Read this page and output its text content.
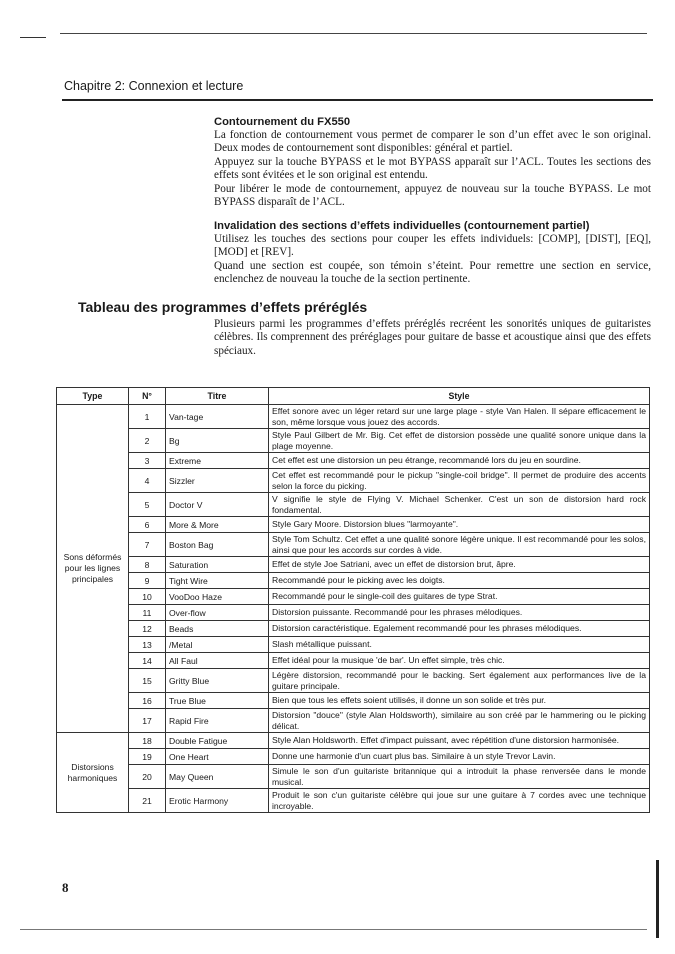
Chapitre 2: Connexion et lecture
Contournement du FX550

La fonction de contournement vous permet de comparer le son d’un effet avec le son original. Deux modes de contournement sont disponibles: général et partiel.

Appuyez sur la touche BYPASS et le mot BYPASS apparaît sur l’ACL. Toutes les sections des effets sont évitées et le son original est entendu.

Pour libérer le mode de contournement, appuyez de nouveau sur la touche BYPASS. Le mot BYPASS disparaît de l’ACL.

Invalidation des sections d’effets individuelles (contournement partiel)

Utilisez les touches des sections pour couper les effets individuels: [COMP], [DIST], [EQ], [MOD] et [REV].

Quand une section est coupée, son témoin s’éteint. Pour remettre une section en service, enclenchez de nouveau la touche de la section pertinente.

Tableau des programmes d’effets préréglés

Plusieurs parmi les programmes d’effets préréglés recréent les sonorités uniques de guitaristes célèbres. Ils comprennent des préréglages pour guitare de basse et acoustique ainsi que des effets spéciaux.

Type	N°	Titre	Style
Sons déformés pour les lignes principales	1	Van-tage	Effet sonore avec un léger retard sur une large plage - style Van Halen. Il sépare efficacement le son, même lorsque vous jouez des accords.
	2	Bg	Style Paul Gilbert de Mr. Big. Cet effet de distorsion possède une qualité sonore unique dans la plage moyenne.
	3	Extreme	Cet effet est une distorsion un peu étrange, recommandé lors du jeu en sourdine.
	4	Sizzler	Cet effet est recommandé pour le pickup "single-coil bridge". Il permet de produire des accents selon la force du picking.
	5	Doctor V	V signifie le style de Flying V. Michael Schenker. C'est un son de distorsion hard rock fondamental.
	6	More & More	Style Gary Moore. Distorsion blues "larmoyante".
	7	Boston Bag	Style Tom Schultz. Cet effet a une qualité sonore légère unique. Il est recommandé pour les solos, ainsi que pour les accords sur cordes à vide.
	8	Saturation	Effet de style Joe Satriani, avec un effet de distorsion brut, âpre.
	9	Tight Wire	Recommandé pour le picking avec les doigts.
	10	VooDoo Haze	Recommandé pour le single-coil des guitares de type Strat.
	11	Over-flow	Distorsion puissante. Recommandé pour les phrases mélodiques.
	12	Beads	Distorsion caractéristique. Egalement recommandé pour les phrases mélodiques.
	13	/Metal	Slash métallique puissant.
	14	All Faul	Effet idéal pour la musique 'de bar'. Un effet simple, très chic.
	15	Gritty Blue	Légère distorsion, recommandé pour le backing. Sert également aux performances live de la guitare principale.
	16	True Blue	Bien que tous les effets soient utilisés, il donne un son solide et très pur.
	17	Rapid Fire	Distorsion "douce" (style Alan Holdsworth), similaire au son créé par le hammering ou le picking délicat.
Distorsions harmoniques	18	Double Fatigue	Style Alan Holdsworth. Effet d'impact puissant, avec répétition d'une distorsion harmonisée.
	19	One Heart	Donne une harmonie d'un cuart plus bas. Similaire à un style Trevor Lavin.
	20	May Queen	Simule le son d'un guitariste britannique qui a introduit la phase renversée dans le monde musical.
	21	Erotic Harmony	Produit le son c'un guitariste célèbre qui joue sur une guitare à 7 cordes avec une technique incroyable.
8
